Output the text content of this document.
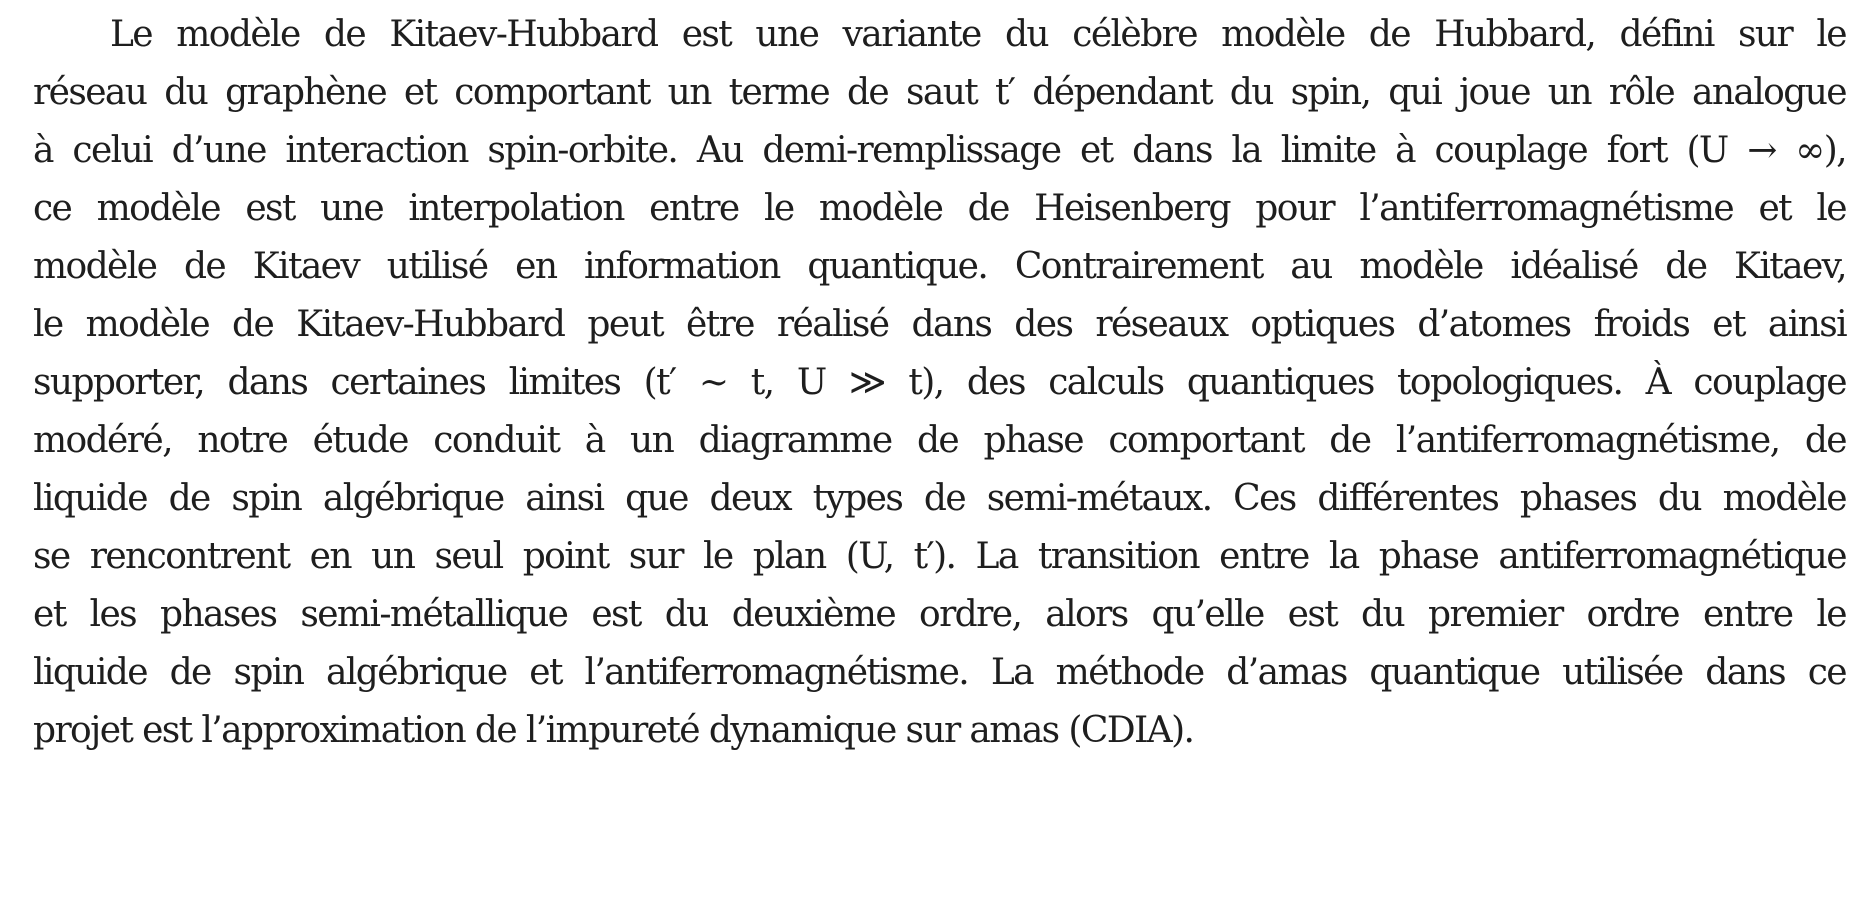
Le modèle de Kitaev-Hubbard est une variante du célèbre modèle de Hubbard, défini sur le
réseau du graphène et comportant un terme de saut t′ dépendant du spin, qui joue un rôle analogue
à celui d’une interaction spin-orbite. Au demi-remplissage et dans la limite à couplage fort (U → ∞),
ce modèle est une interpolation entre le modèle de Heisenberg pour l’antiferromagnétisme et le
modèle de Kitaev utilisé en information quantique. Contrairement au modèle idéalisé de Kitaev,
le modèle de Kitaev-Hubbard peut être réalisé dans des réseaux optiques d’atomes froids et ainsi
supporter, dans certaines limites (t′ ∼ t, U ≫ t), des calculs quantiques topologiques. À couplage
modéré, notre étude conduit à un diagramme de phase comportant de l’antiferromagnétisme, de
liquide de spin algébrique ainsi que deux types de semi-métaux. Ces différentes phases du modèle
se rencontrent en un seul point sur le plan (U, t′). La transition entre la phase antiferromagnétique
et les phases semi-métallique est du deuxième ordre, alors qu’elle est du premier ordre entre le
liquide de spin algébrique et l’antiferromagnétisme. La méthode d’amas quantique utilisée dans ce
projet est l’approximation de l’impureté dynamique sur amas (CDIA).
